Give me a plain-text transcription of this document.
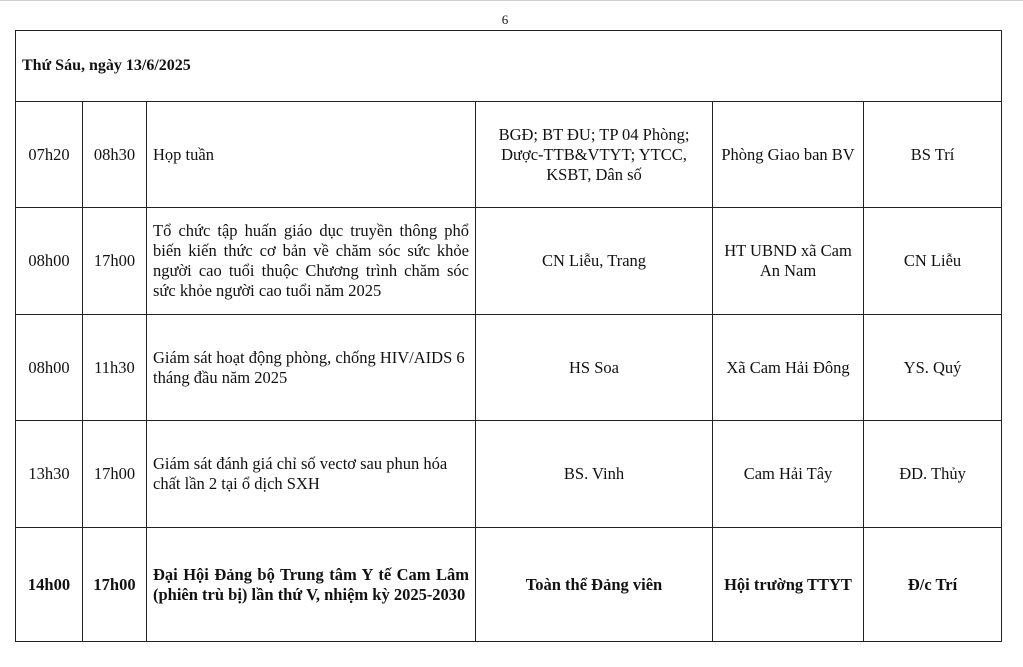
6
Thứ Sáu, ngày 13/6/2025					
07h20	08h30	Họp tuần	BGĐ; BT ĐU; TP 04 Phòng; Dược-TTB&VTYT; YTCC, KSBT, Dân số	Phòng Giao ban BV	BS Trí
08h00	17h00	Tổ chức tập huấn giáo dục truyền thông phổ biến kiến thức cơ bản về chăm sóc sức khỏe người cao tuổi thuộc Chương trình chăm sóc sức khỏe người cao tuổi năm 2025	CN Liễu, Trang	HT UBND xã Cam An Nam	CN Liễu
08h00	11h30	Giám sát hoạt động phòng, chống HIV/AIDS 6 tháng đầu năm 2025	HS Soa	Xã Cam Hải Đông	YS. Quý
13h30	17h00	Giám sát đánh giá chỉ số vectơ sau phun hóa chất lần 2 tại ổ dịch SXH	BS. Vinh	Cam Hải Tây	ĐD. Thủy
14h00	17h00	Đại Hội Đảng bộ Trung tâm Y tế Cam Lâm (phiên trù bị) lần thứ V, nhiệm kỳ 2025-2030	Toàn thể Đảng viên	Hội trường TTYT	Đ/c Trí
